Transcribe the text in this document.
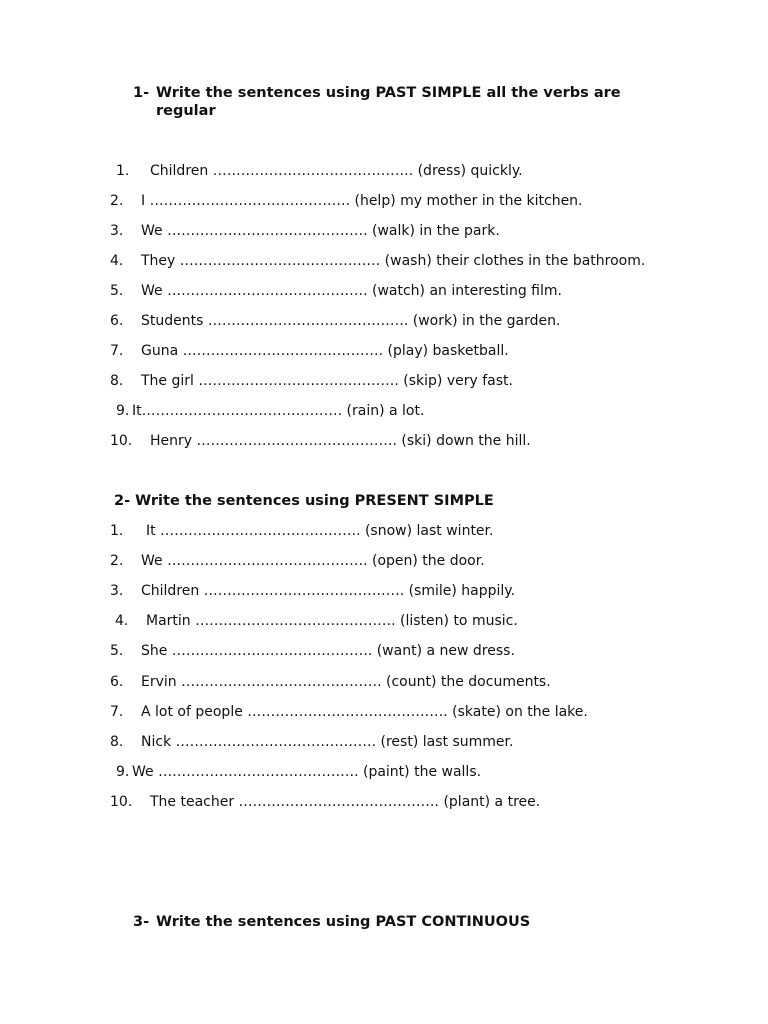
1- Write the sentences using PAST SIMPLE all the verbs are
regular
1. Children ……………………………………. (dress) quickly.
2. I ……………………………………. (help) my mother in the kitchen.
3. We ……………………………………. (walk) in the park.
4. They ……………………………………. (wash) their clothes in the bathroom.
5. We ……………………………………. (watch) an interesting film.
6. Students ……………………………………. (work) in the garden.
7. Guna ……………………………………. (play) basketball.
8. The girl ……………………………………. (skip) very fast.
9. It……………………………………. (rain) a lot.
10. Henry ……………………………………. (ski) down the hill.
2- Write the sentences using PRESENT SIMPLE
1. It ……………………………………. (snow) last winter.
2. We ……………………………………. (open) the door.
3. Children ……………………………………. (smile) happily.
4. Martin ……………………………………. (listen) to music.
5. She ……………………………………. (want) a new dress.
6. Ervin ……………………………………. (count) the documents.
7. A lot of people ……………………………………. (skate) on the lake.
8. Nick ……………………………………. (rest) last summer.
9. We ……………………………………. (paint) the walls.
10. The teacher ……………………………………. (plant) a tree.
3- Write the sentences using PAST CONTINUOUS
